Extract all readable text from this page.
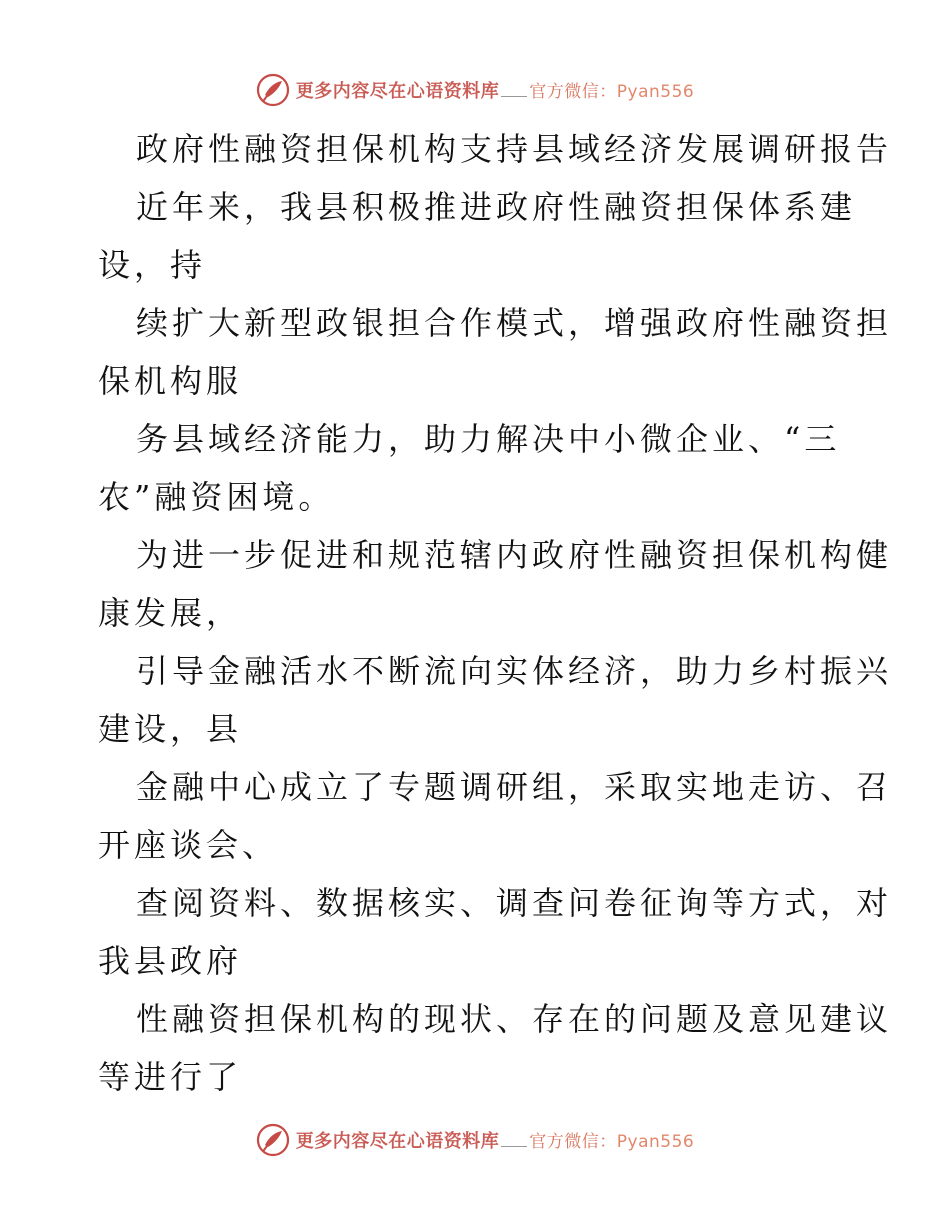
更多内容尽在心语资料库 官方微信： Pyan556
政府性融资担保机构支持县域经济发展调研报告
近年来，我县积极推进政府性融资担保体系建
设，持
续扩大新型政银担合作模式，增强政府性融资担
保机构服
务县域经济能力，助力解决中小微企业、“三
农”融资困境。
为进一步促进和规范辖内政府性融资担保机构健
康发展，
引导金融活水不断流向实体经济，助力乡村振兴
建设，县
金融中心成立了专题调研组，采取实地走访、召
开座谈会、
查阅资料、数据核实、调查问卷征询等方式，对
我县政府
性融资担保机构的现状、存在的问题及意见建议
等进行了
更多内容尽在心语资料库 官方微信： Pyan556
